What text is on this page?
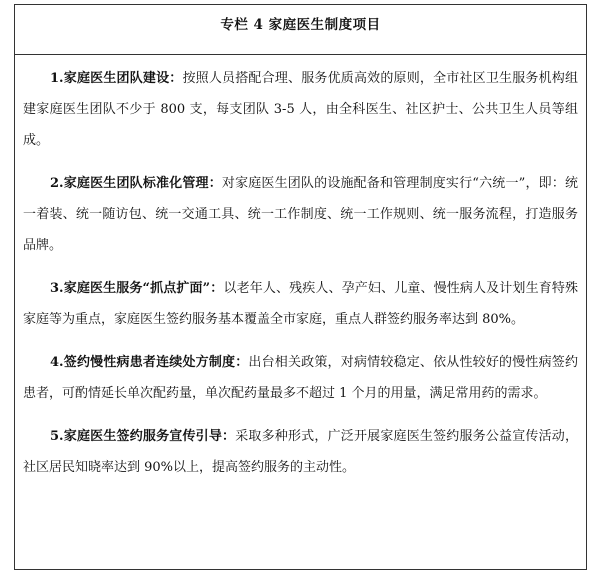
专栏 4 家庭医生制度项目

1.家庭医生团队建设：按照人员搭配合理、服务优质高效的原则，全市社区卫生服务机构组建家庭医生团队不少于 800 支，每支团队 3-5 人，由全科医生、社区护士、公共卫生人员等组成。

2.家庭医生团队标准化管理：对家庭医生团队的设施配备和管理制度实行“六统一”，即：统一着装、统一随访包、统一交通工具、统一工作制度、统一工作规则、统一服务流程，打造服务品牌。

3.家庭医生服务“抓点扩面”：以老年人、残疾人、孕产妇、儿童、慢性病人及计划生育特殊家庭等为重点，家庭医生签约服务基本覆盖全市家庭，重点人群签约服务率达到 80%。

4.签约慢性病患者连续处方制度：出台相关政策，对病情较稳定、依从性较好的慢性病签约患者，可酌情延长单次配药量，单次配药量最多不超过 1 个月的用量，满足常用药的需求。

5.家庭医生签约服务宣传引导：采取多种形式，广泛开展家庭医生签约服务公益宣传活动，社区居民知晓率达到 90%以上，提高签约服务的主动性。
